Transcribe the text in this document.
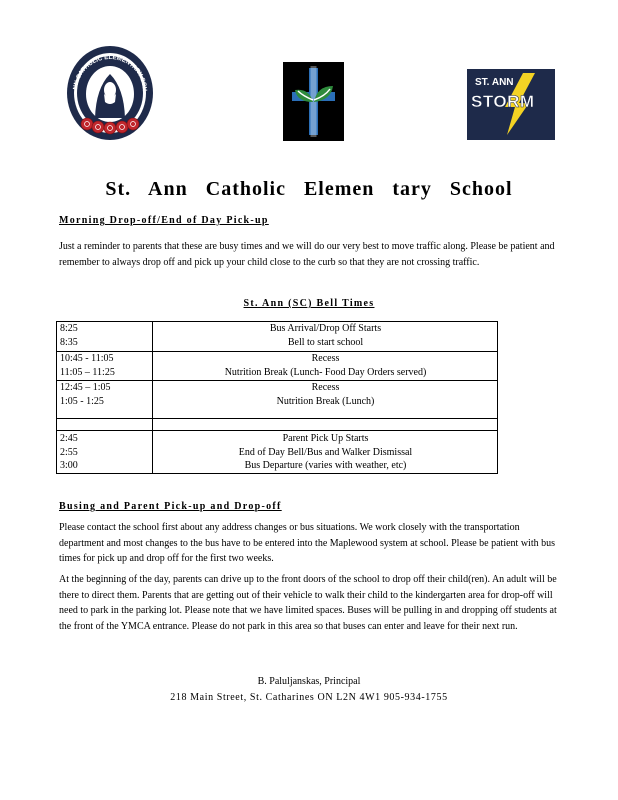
NN CATHOLIC ELEMENTARY SCH
ST. ANN
STORM
St. Ann Catholic Elemen tary School
Morning Drop-off/End of Day Pick-up
Just a reminder to parents that these are busy times and we will do our very best to move traffic along. Please be patient and remember to always drop off and pick up your child close to the curb so that they are not crossing traffic.
St. Ann (SC) Bell Times
8:25	Bus Arrival/Drop Off Starts
8:35	Bell to start school
10:45 - 11:05	Recess
11:05 – 11:25	Nutrition Break (Lunch- Food Day Orders served)
12:45 – 1:05	Recess
1:05 - 1:25	Nutrition Break (Lunch)
2:45	Parent Pick Up Starts
2:55	End of Day Bell/Bus and Walker Dismissal
3:00	Bus Departure (varies with weather, etc)
Busing and Parent Pick-up and Drop-off
Please contact the school first about any address changes or bus situations. We work closely with the transportation department and most changes to the bus have to be entered into the Maplewood system at school. Please be patient with bus times for pick up and drop off for the first two weeks.
At the beginning of the day, parents can drive up to the front doors of the school to drop off their child(ren). An adult will be there to direct them. Parents that are getting out of their vehicle to walk their child to the kindergarten area for drop-off will need to park in the parking lot. Please note that we have limited spaces. Buses will be pulling in and dropping off students at the front of the YMCA entrance. Please do not park in this area so that buses can enter and leave for their next run.
B. Paluljanskas, Principal
218 Main Street, St. Catharines ON L2N 4W1 905-934-1755
